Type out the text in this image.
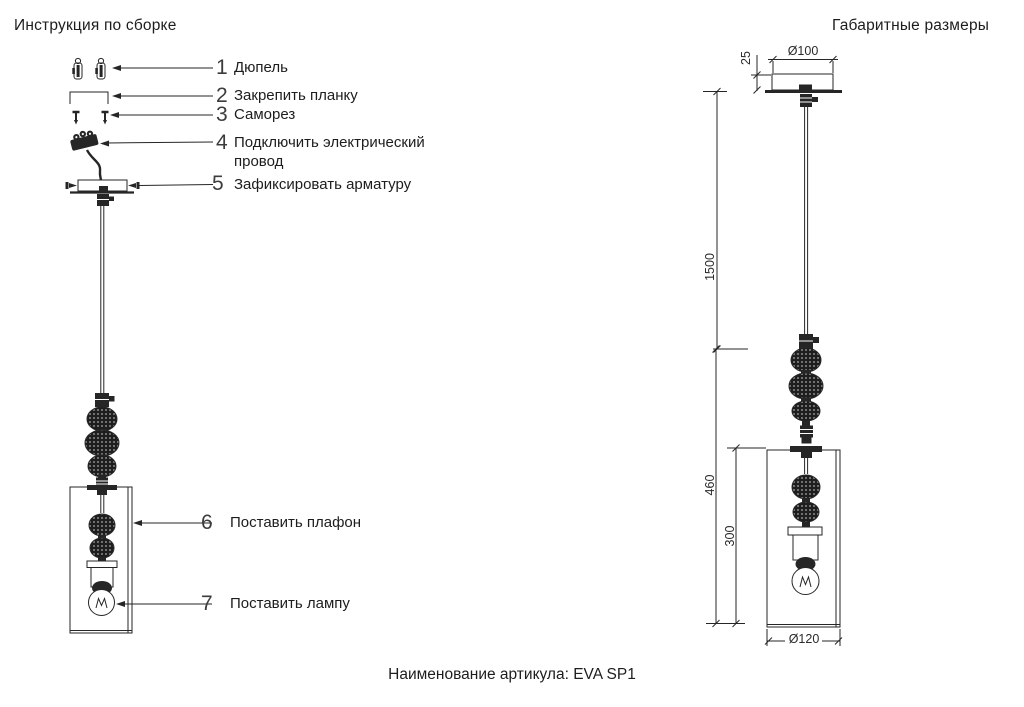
Инструкция по сборке	Габаритные размеры
1 Дюпель
2 Закрепить планку
3 Саморез
4 Подключить электрический провод
5 Зафиксировать арматуру
6 Поставить плафон
7 Поставить лампу
Ø100
25
1500
460
300
Ø120
Наименование артикула: EVA SP1
